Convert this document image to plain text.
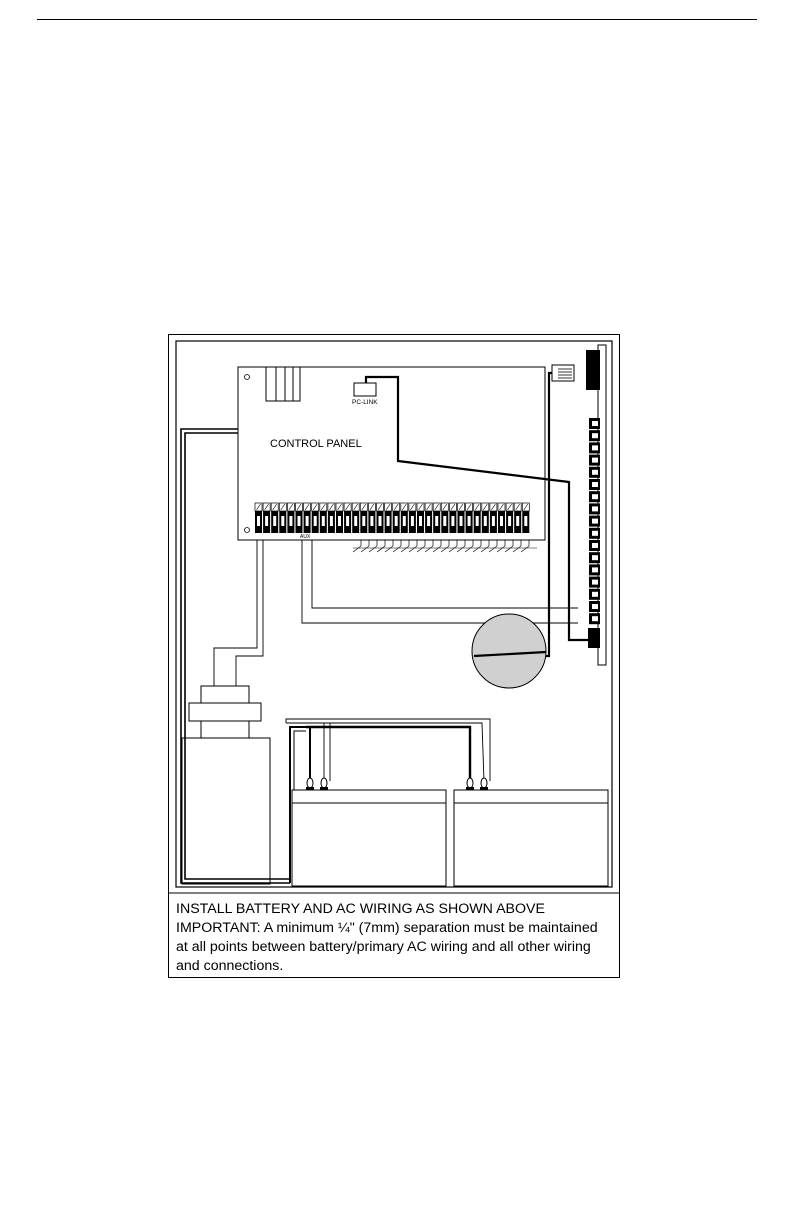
PC-LINK
CONTROL PANEL
AUX
INSTALL BATTERY AND AC WIRING AS SHOWN ABOVE
IMPORTANT: A minimum ¼" (7mm) separation must be maintained
at all points between battery/primary AC wiring and all other wiring
and connections.
